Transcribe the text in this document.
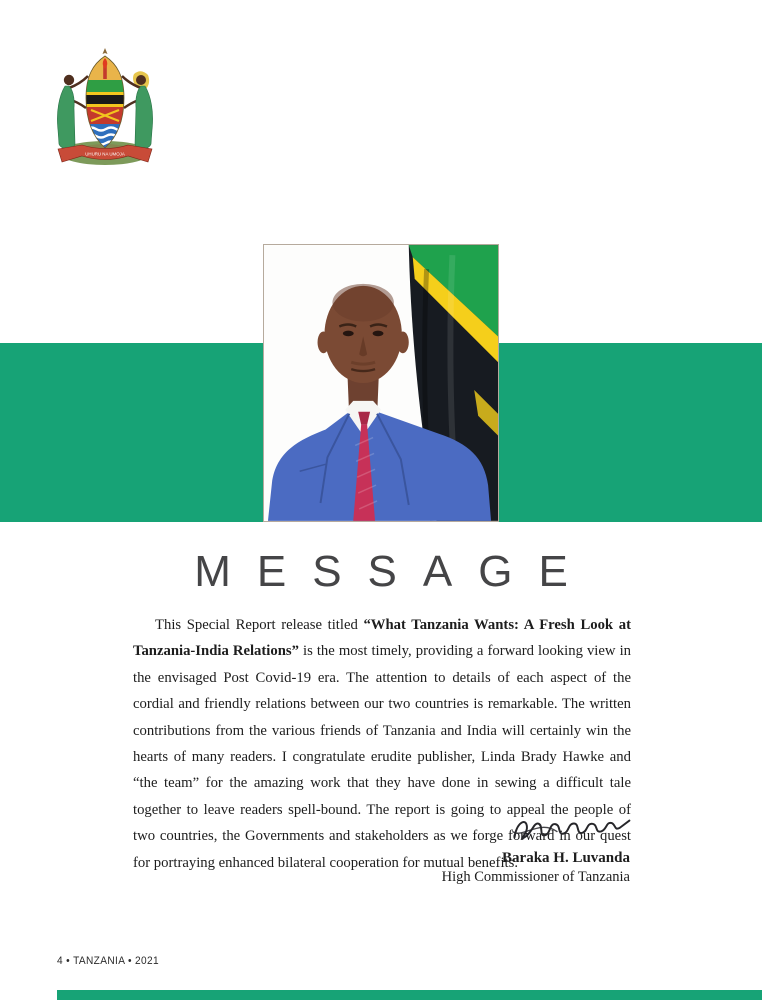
UHURU NA UMOJA
MESSAGE

This Special Report release titled “What Tanzania Wants: A Fresh Look at Tanzania-India Relations” is the most timely, providing a forward looking view in the envisaged Post Covid-19 era. The attention to details of each aspect of the cordial and friendly relations between our two countries is remarkable. The written contributions from the various friends of Tanzania and India will certainly win the hearts of many readers. I congratulate erudite publisher, Linda Brady Hawke and “the team” for the amazing work that they have done in sewing a difficult tale together to leave readers spell-bound. The report is going to appeal the people of two countries, the Governments and stakeholders as we forge forward in our quest for portraying enhanced bilateral cooperation for mutual benefits.

Baraka H. Luvanda
High Commissioner of Tanzania
4 • TANZANIA • 2021
